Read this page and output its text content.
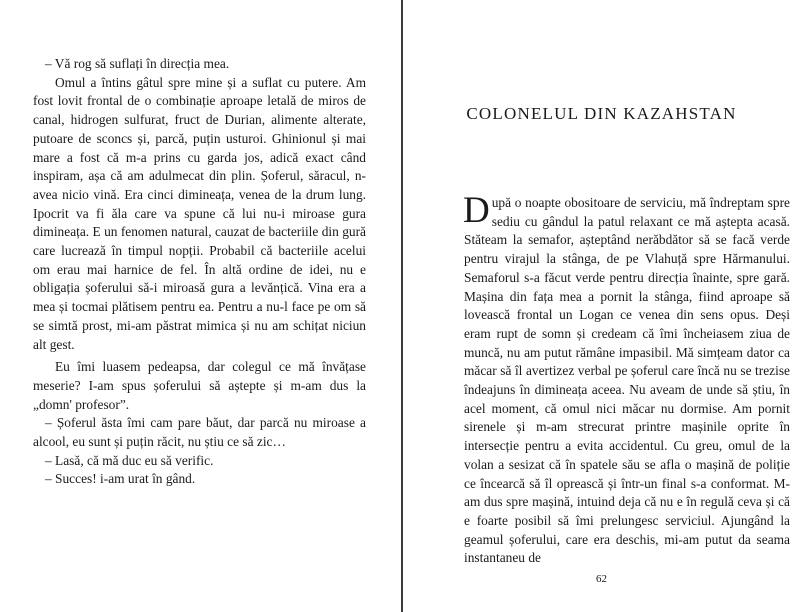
– Vă rog să suflați în direcția mea.

Omul a întins gâtul spre mine și a suflat cu putere. Am fost lovit frontal de o combinație aproape letală de miros de canal, hidrogen sulfurat, fruct de Durian, alimente alterate, putoare de sconcs și, parcă, puțin usturoi. Ghinionul și mai mare a fost că m-a prins cu garda jos, adică exact când inspiram, așa că am adulmecat din plin. Șoferul, săracul, n-avea nicio vină. Era cinci dimineața, venea de la drum lung. Ipocrit va fi ăla care va spune că lui nu-i miroase gura dimineața. E un fenomen natural, cauzat de bacteriile din gură care lucrează în timpul nopții. Probabil că bacteriile acelui om erau mai harnice de fel. În altă ordine de idei, nu e obligația șoferului să-i miroasă gura a levănțică. Vina era a mea și tocmai plătisem pentru ea. Pentru a nu-l face pe om să se simtă prost, mi-am păstrat mimica și nu am schițat niciun alt gest.

Eu îmi luasem pedeapsa, dar colegul ce mă învățase meserie? I-am spus șoferului să aștepte și m-am dus la „domn' profesor”.

– Șoferul ăsta îmi cam pare băut, dar parcă nu miroase a alcool, eu sunt și puțin răcit, nu știu ce să zic…

– Lasă, că mă duc eu să verific.

– Succes! i-am urat în gând.

COLONELUL DIN KAZAHSTAN

După o noapte obositoare de serviciu, mă îndreptam spre sediu cu gândul la patul relaxant ce mă aștepta acasă. Stăteam la semafor, așteptând nerăbdător să se facă verde pentru virajul la stânga, de pe Vlahuță spre Hărmanului. Semaforul s-a făcut verde pentru direcția înainte, spre gară. Mașina din fața mea a pornit la stânga, fiind aproape să lovească frontal un Logan ce venea din sens opus. Deși eram rupt de somn și credeam că îmi încheiasem ziua de muncă, nu am putut rămâne impasibil. Mă simțeam dator ca măcar să îl avertizez verbal pe șoferul care încă nu se trezise îndeajuns în dimineața aceea. Nu aveam de unde să știu, în acel moment, că omul nici măcar nu dormise. Am pornit sirenele și m-am strecurat printre mașinile oprite în intersecție pentru a evita accidentul. Cu greu, omul de la volan a sesizat că în spatele său se afla o mașină de poliție ce încearcă să îl oprească și într-un final s-a conformat. M-am dus spre mașină, intuind deja că nu e în regulă ceva și că e foarte posibil să îmi prelungesc serviciul. Ajungând la geamul șoferului, care era deschis, mi-am putut da seama instantaneu de

62
